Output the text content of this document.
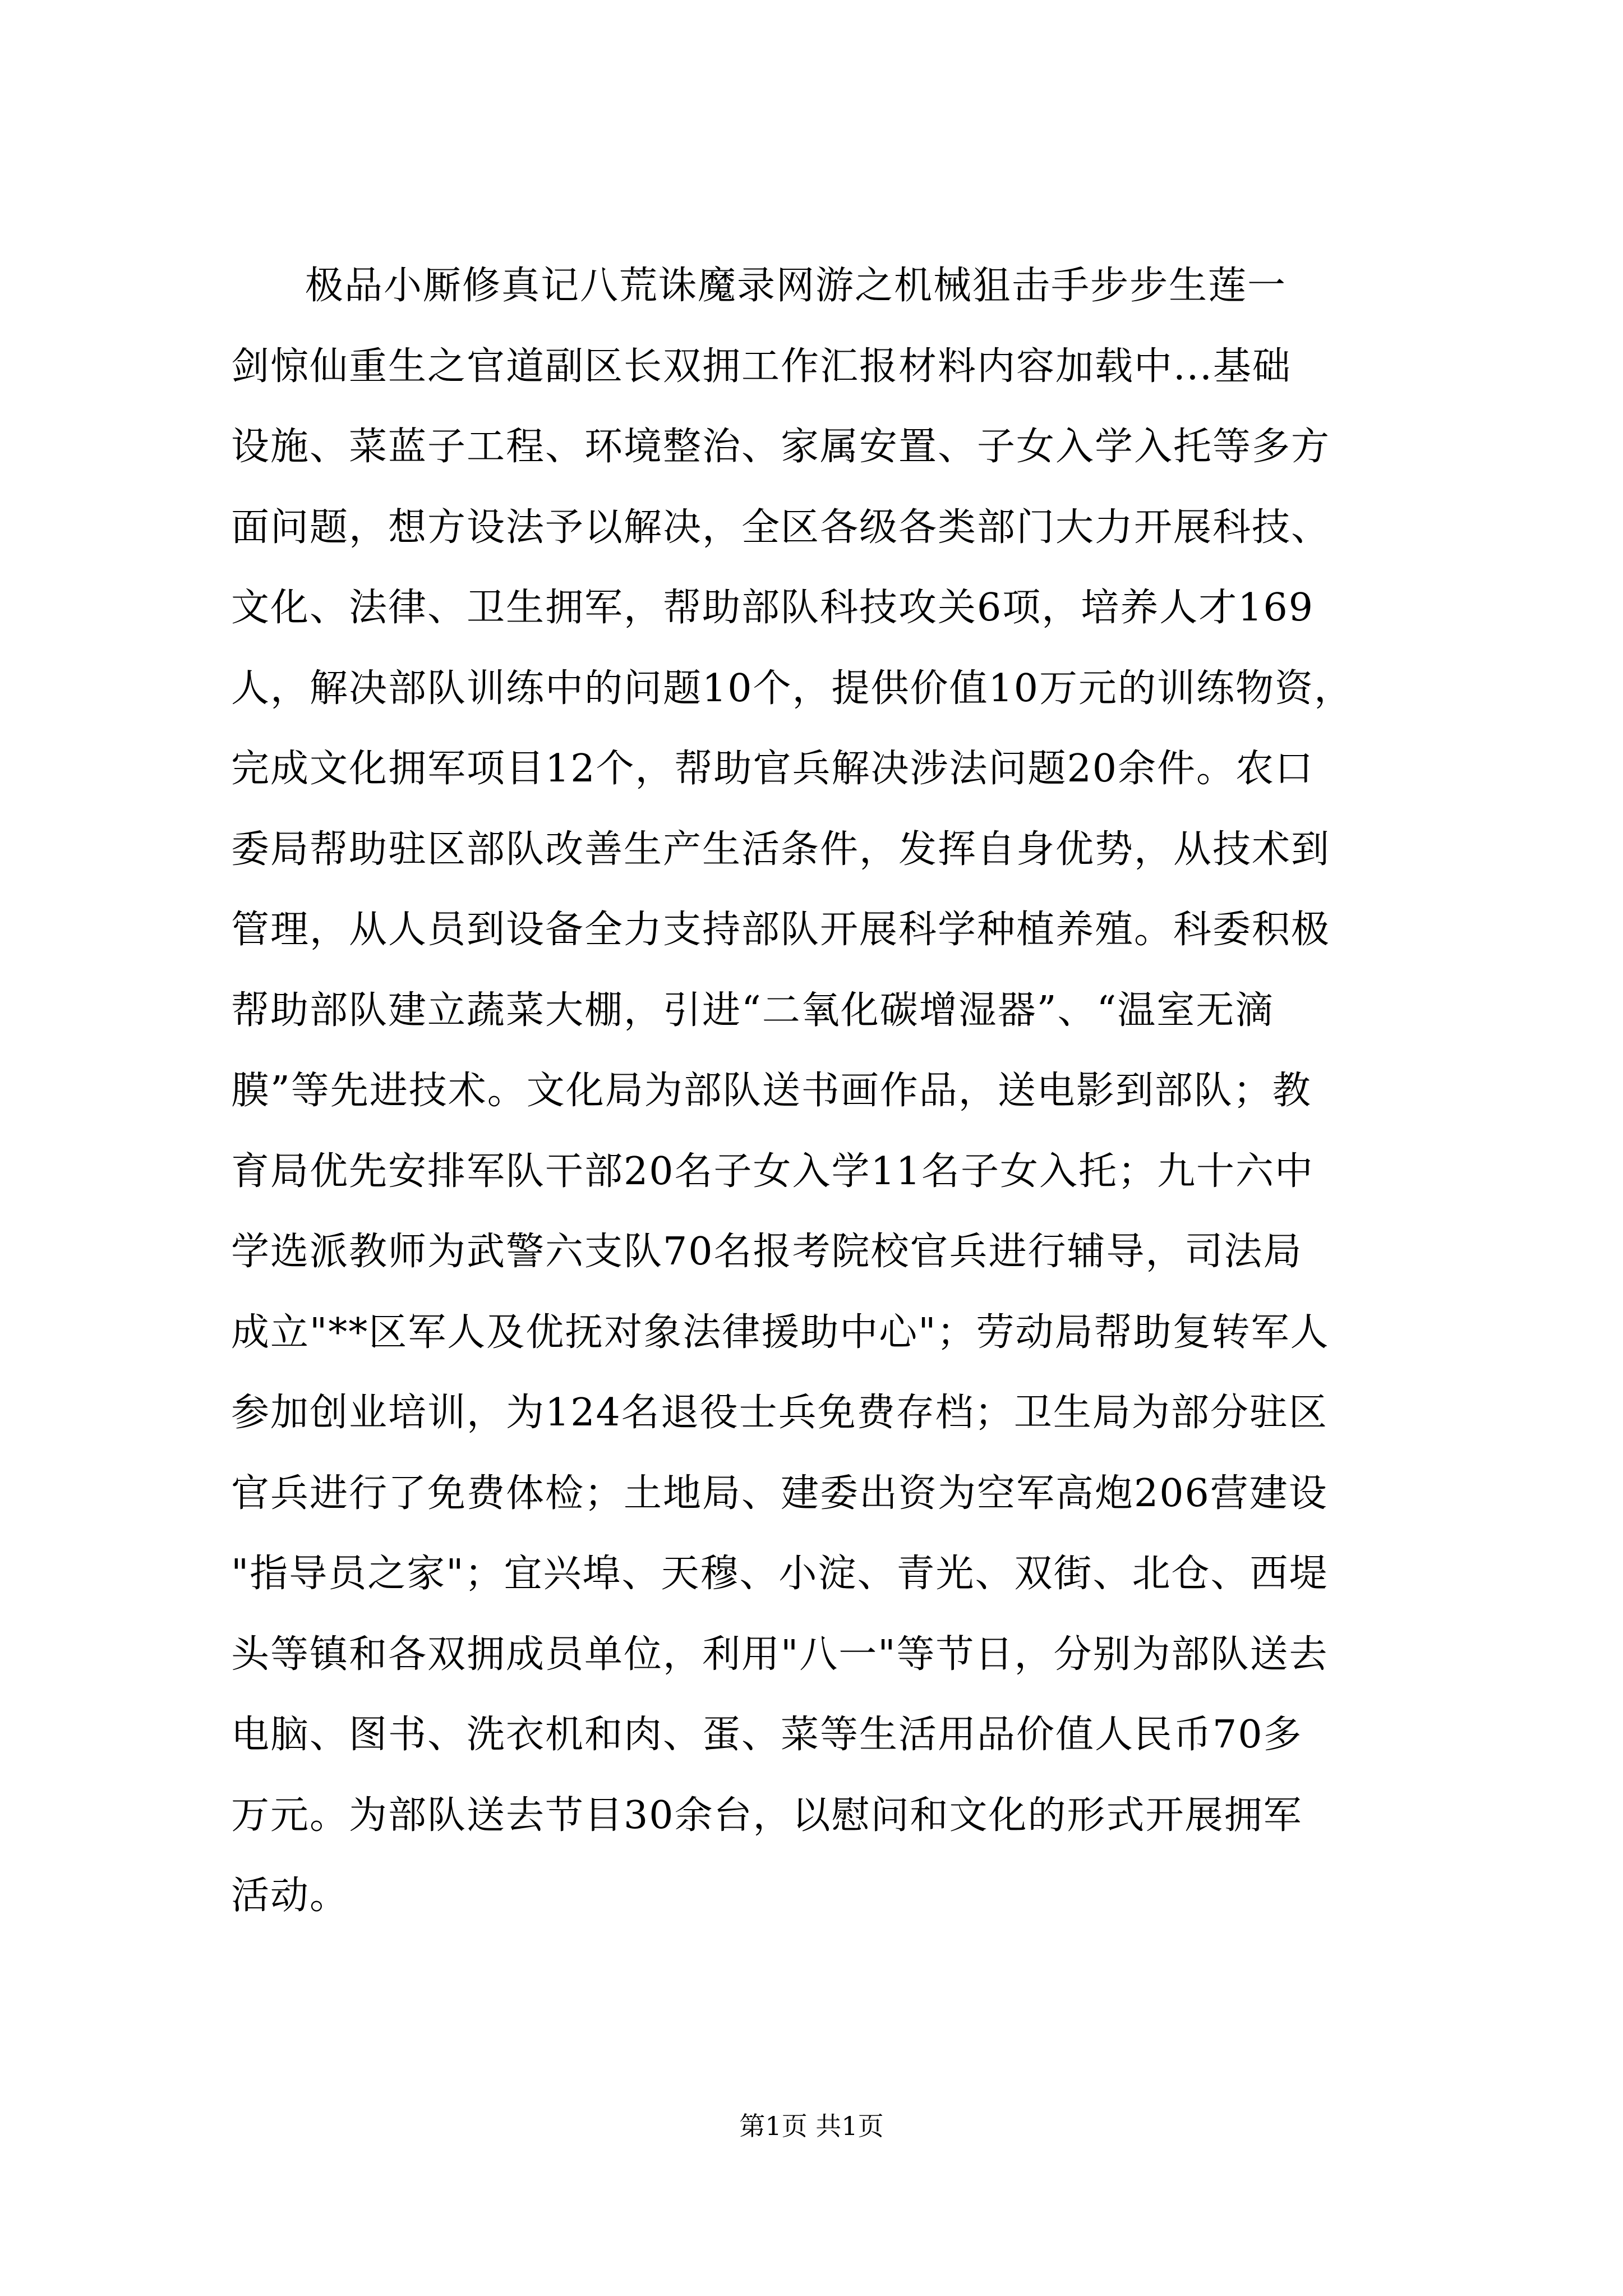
极品小厮修真记八荒诛魔录网游之机械狙击手步步生莲一
剑惊仙重生之官道副区长双拥工作汇报材料内容加载中...基础
设施、菜蓝子工程、环境整治、家属安置、子女入学入托等多方
面问题，想方设法予以解决，全区各级各类部门大力开展科技、
文化、法律、卫生拥军，帮助部队科技攻关6项，培养人才169
人，解决部队训练中的问题10个，提供价值10万元的训练物资，
完成文化拥军项目12个，帮助官兵解决涉法问题20余件。农口
委局帮助驻区部队改善生产生活条件，发挥自身优势，从技术到
管理，从人员到设备全力支持部队开展科学种植养殖。科委积极
帮助部队建立蔬菜大棚，引进“二氧化碳增湿器”、“温室无滴
膜”等先进技术。文化局为部队送书画作品，送电影到部队；教
育局优先安排军队干部20名子女入学11名子女入托；九十六中
学选派教师为武警六支队70名报考院校官兵进行辅导，司法局
成立"**区军人及优抚对象法律援助中心"；劳动局帮助复转军人
参加创业培训，为124名退役士兵免费存档；卫生局为部分驻区
官兵进行了免费体检；土地局、建委出资为空军高炮206营建设
"指导员之家"；宜兴埠、天穆、小淀、青光、双街、北仓、西堤
头等镇和各双拥成员单位，利用"八一"等节日，分别为部队送去
电脑、图书、洗衣机和肉、蛋、菜等生活用品价值人民币70多
万元。为部队送去节目30余台，以慰问和文化的形式开展拥军
活动。
第1页 共1页
